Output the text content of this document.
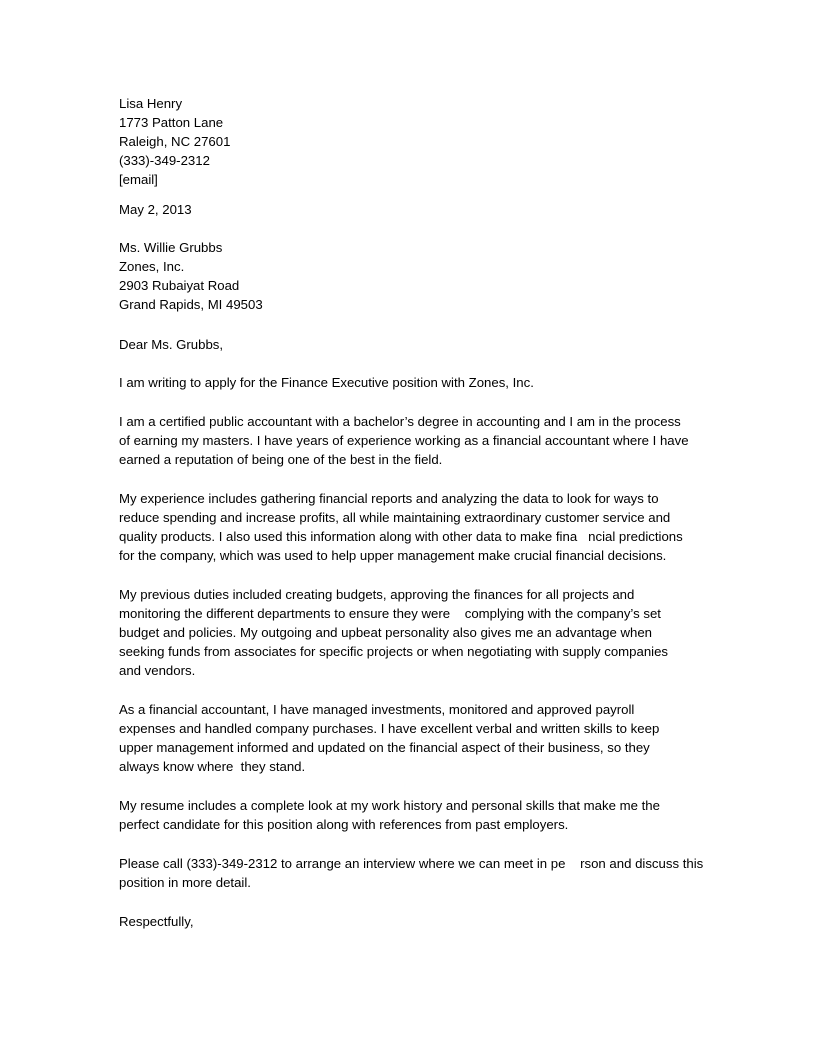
Lisa Henry
1773 Patton Lane
Raleigh, NC 27601
(333)-349-2312
[email]
May 2, 2013
Ms. Willie Grubbs
Zones, Inc.
2903 Rubaiyat Road
Grand Rapids, MI 49503
Dear Ms. Grubbs,
I am writing to apply for the Finance Executive position with Zones, Inc.
I am a certified public accountant with a bachelor’s degree in accounting and I am in the process
of earning my masters. I have years of experience working as a financial accountant where I have
earned a reputation of being one of the best in the field.
My experience includes gathering financial reports and analyzing the data to look for ways to
reduce spending and increase profits, all while maintaining extraordinary customer service and
quality products. I also used this information along with other data to make fina   ncial predictions
for the company, which was used to help upper management make crucial financial decisions.
My previous duties included creating budgets, approving the finances for all projects and
monitoring the different departments to ensure they were    complying with the company’s set
budget and policies. My outgoing and upbeat personality also gives me an advantage when
seeking funds from associates for specific projects or when negotiating with supply companies
and vendors.
As a financial accountant, I have managed investments, monitored and approved payroll
expenses and handled company purchases. I have excellent verbal and written skills to keep
upper management informed and updated on the financial aspect of their business, so they
always know where  they stand.
My resume includes a complete look at my work history and personal skills that make me the
perfect candidate for this position along with references from past employers.
Please call (333)-349-2312 to arrange an interview where we can meet in pe    rson and discuss this
position in more detail.
Respectfully,
